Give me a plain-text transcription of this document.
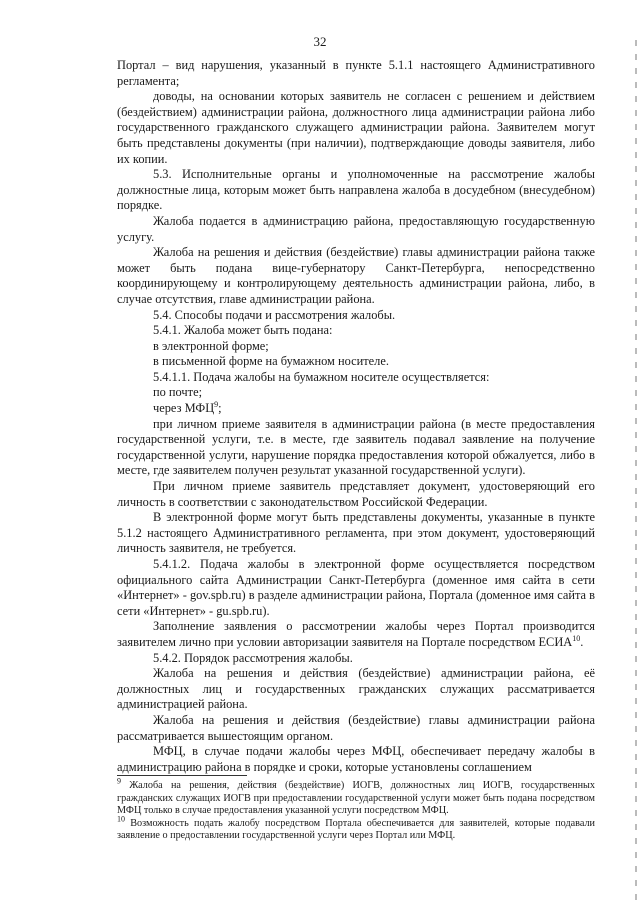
32

Портал – вид нарушения, указанный в пункте 5.1.1 настоящего Административного регламента;

доводы, на основании которых заявитель не согласен с решением и действием (бездействием) администрации района, должностного лица администрации района либо государственного гражданского служащего администрации района. Заявителем могут быть представлены документы (при наличии), подтверждающие доводы заявителя, либо их копии.

5.3. Исполнительные органы и уполномоченные на рассмотрение жалобы должностные лица, которым может быть направлена жалоба в досудебном (внесудебном) порядке.

Жалоба подается в администрацию района, предоставляющую государственную услугу.

Жалоба на решения и действия (бездействие) главы администрации района также может быть подана вице-губернатору Санкт-Петербурга, непосредственно координирующему и контролирующему деятельность администрации района, либо, в случае отсутствия, главе администрации района.

5.4. Способы подачи и рассмотрения жалобы.

5.4.1. Жалоба может быть подана:

в электронной форме;

в письменной форме на бумажном носителе.

5.4.1.1. Подача жалобы на бумажном носителе осуществляется:

по почте;

через МФЦ$^9$;

при личном приеме заявителя в администрации района (в месте предоставления государственной услуги, т.е. в месте, где заявитель подавал заявление на получение государственной услуги, нарушение порядка предоставления которой обжалуется, либо в месте, где заявителем получен результат указанной государственной услуги).

При личном приеме заявитель представляет документ, удостоверяющий его личность в соответствии с законодательством Российской Федерации.

В электронной форме могут быть представлены документы, указанные в пункте 5.1.2 настоящего Административного регламента, при этом документ, удостоверяющий личность заявителя, не требуется.

5.4.1.2. Подача жалобы в электронной форме осуществляется посредством официального сайта Администрации Санкт-Петербурга (доменное имя сайта в сети «Интернет» - gov.spb.ru) в разделе администрации района, Портала (доменное имя сайта в сети «Интернет» - gu.spb.ru).

Заполнение заявления о рассмотрении жалобы через Портал производится заявителем лично при условии авторизации заявителя на Портале посредством ЕСИА$^{10}$.

5.4.2. Порядок рассмотрения жалобы.

Жалоба на решения и действия (бездействие) администрации района, её должностных лиц и государственных гражданских служащих рассматривается администрацией района.

Жалоба на решения и действия (бездействие) главы администрации района рассматривается вышестоящим органом.

МФЦ, в случае подачи жалобы через МФЦ, обеспечивает передачу жалобы в администрацию района в порядке и сроки, которые установлены соглашением

$^9$ Жалоба на решения, действия (бездействие) ИОГВ, должностных лиц ИОГВ, государственных гражданских служащих ИОГВ при предоставлении государственной услуги может быть подана посредством МФЦ только в случае предоставления указанной услуги посредством МФЦ.

$^{10}$ Возможность подать жалобу посредством Портала обеспечивается для заявителей, которые подавали заявление о предоставлении государственной услуги через Портал или МФЦ.
